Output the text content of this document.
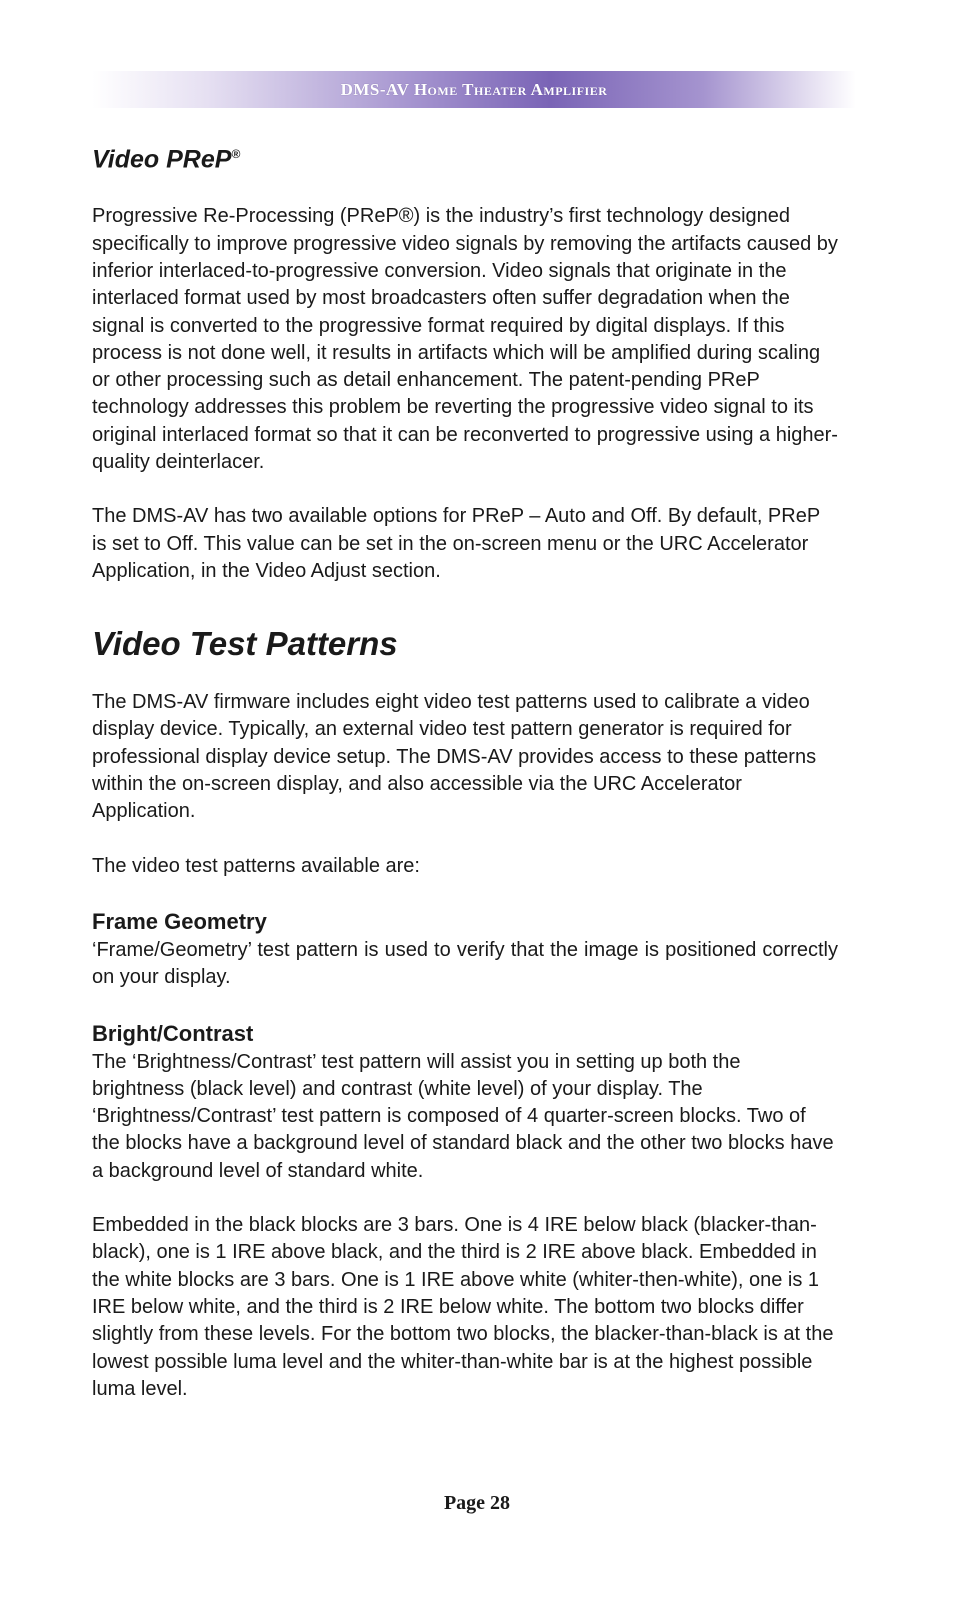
DMS-AV Home Theater Amplifier
Video PReP®

Progressive Re-Processing (PReP®) is the industry’s first technology designed specifically to improve progressive video signals by removing the artifacts caused by inferior interlaced-to-progressive conversion. Video signals that originate in the interlaced format used by most broadcasters often suffer degradation when the signal is converted to the progressive format required by digital displays. If this process is not done well, it results in artifacts which will be amplified during scaling or other processing such as detail enhancement. The patent-pending PReP technology addresses this problem be reverting the progressive video signal to its original interlaced format so that it can be reconverted to progressive using a higher-quality deinterlacer.

The DMS-AV has two available options for PReP – Auto and Off. By default, PReP is set to Off. This value can be set in the on-screen menu or the URC Accelerator Application, in the Video Adjust section.

Video Test Patterns

The DMS-AV firmware includes eight video test patterns used to calibrate a video display device. Typically, an external video test pattern generator is required for professional display device setup. The DMS-AV provides access to these patterns within the on-screen display, and also accessible via the URC Accelerator Application.

The video test patterns available are:

Frame Geometry

‘Frame/Geometry’ test pattern is used to verify that the image is positioned correctly on your display.

Bright/Contrast

The ‘Brightness/Contrast’ test pattern will assist you in setting up both the brightness (black level) and contrast (white level) of your display. The ‘Brightness/Contrast’ test pattern is composed of 4 quarter-screen blocks. Two of the blocks have a background level of standard black and the other two blocks have a background level of standard white.

Embedded in the black blocks are 3 bars. One is 4 IRE below black (blacker-than-black), one is 1 IRE above black, and the third is 2 IRE above black. Embedded in the white blocks are 3 bars. One is 1 IRE above white (whiter-then-white), one is 1 IRE below white, and the third is 2 IRE below white. The bottom two blocks differ slightly from these levels. For the bottom two blocks, the blacker-than-black is at the lowest possible luma level and the whiter-than-white bar is at the highest possible luma level.

Page 28
